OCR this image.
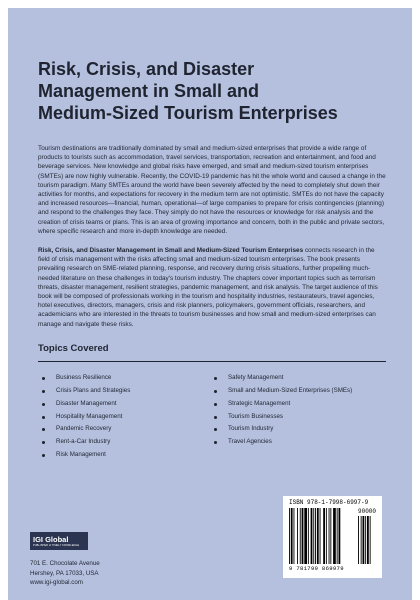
Risk, Crisis, and Disaster
Management in Small and
Medium-Sized Tourism Enterprises

Tourism destinations are traditionally dominated by small and medium-sized enterprises that provide a wide range of products to tourists such as accommodation, travel services, transportation, recreation and entertainment, and food and beverage services. New knowledge and global risks have emerged, and small and medium-sized tourism enterprises (SMTEs) are now highly vulnerable. Recently, the COVID-19 pandemic has hit the whole world and caused a change in the tourism paradigm. Many SMTEs around the world have been severely affected by the need to completely shut down their activities for months, and expectations for recovery in the medium term are not optimistic. SMTEs do not have the capacity and increased resources—financial, human, operational—of large companies to prepare for crisis contingencies (planning) and respond to the challenges they face. They simply do not have the resources or knowledge for risk analysis and the creation of crisis teams or plans. This is an area of growing importance and concern, both in the public and private sectors, where specific research and more in-depth knowledge are needed.

Risk, Crisis, and Disaster Management in Small and Medium-Sized Tourism Enterprises connects research in the field of crisis management with the risks affecting small and medium-sized tourism enterprises. The book presents prevailing research on SME-related planning, response, and recovery during crisis situations, further propelling much-needed literature on these challenges in today's tourism industry. The chapters cover important topics such as terrorism threats, disaster management, resilient strategies, pandemic management, and risk analysis. The target audience of this book will be composed of professionals working in the tourism and hospitality industries, restaurateurs, travel agencies, hotel executives, directors, managers, crisis and risk planners, policymakers, government officials, researchers, and academicians who are interested in the threats to tourism businesses and how small and medium-sized enterprises can manage and navigate these risks.

Topics Covered
Business Resilience
Crisis Plans and Strategies
Disaster Management
Hospitality Management
Pandemic Recovery
Rent-a-Car Industry
Risk Management
Safety Management
Small and Medium-Sized Enterprises (SMEs)
Strategic Management
Tourism Businesses
Tourism Industry
Travel Agencies
IGI Global
PUBLISHER of TIMELY KNOWLEDGE
701 E. Chocolate Avenue
Hershey, PA 17033, USA
www.igi-global.com
ISBN 978-1-7998-6997-9
90000
9 781799 869979
